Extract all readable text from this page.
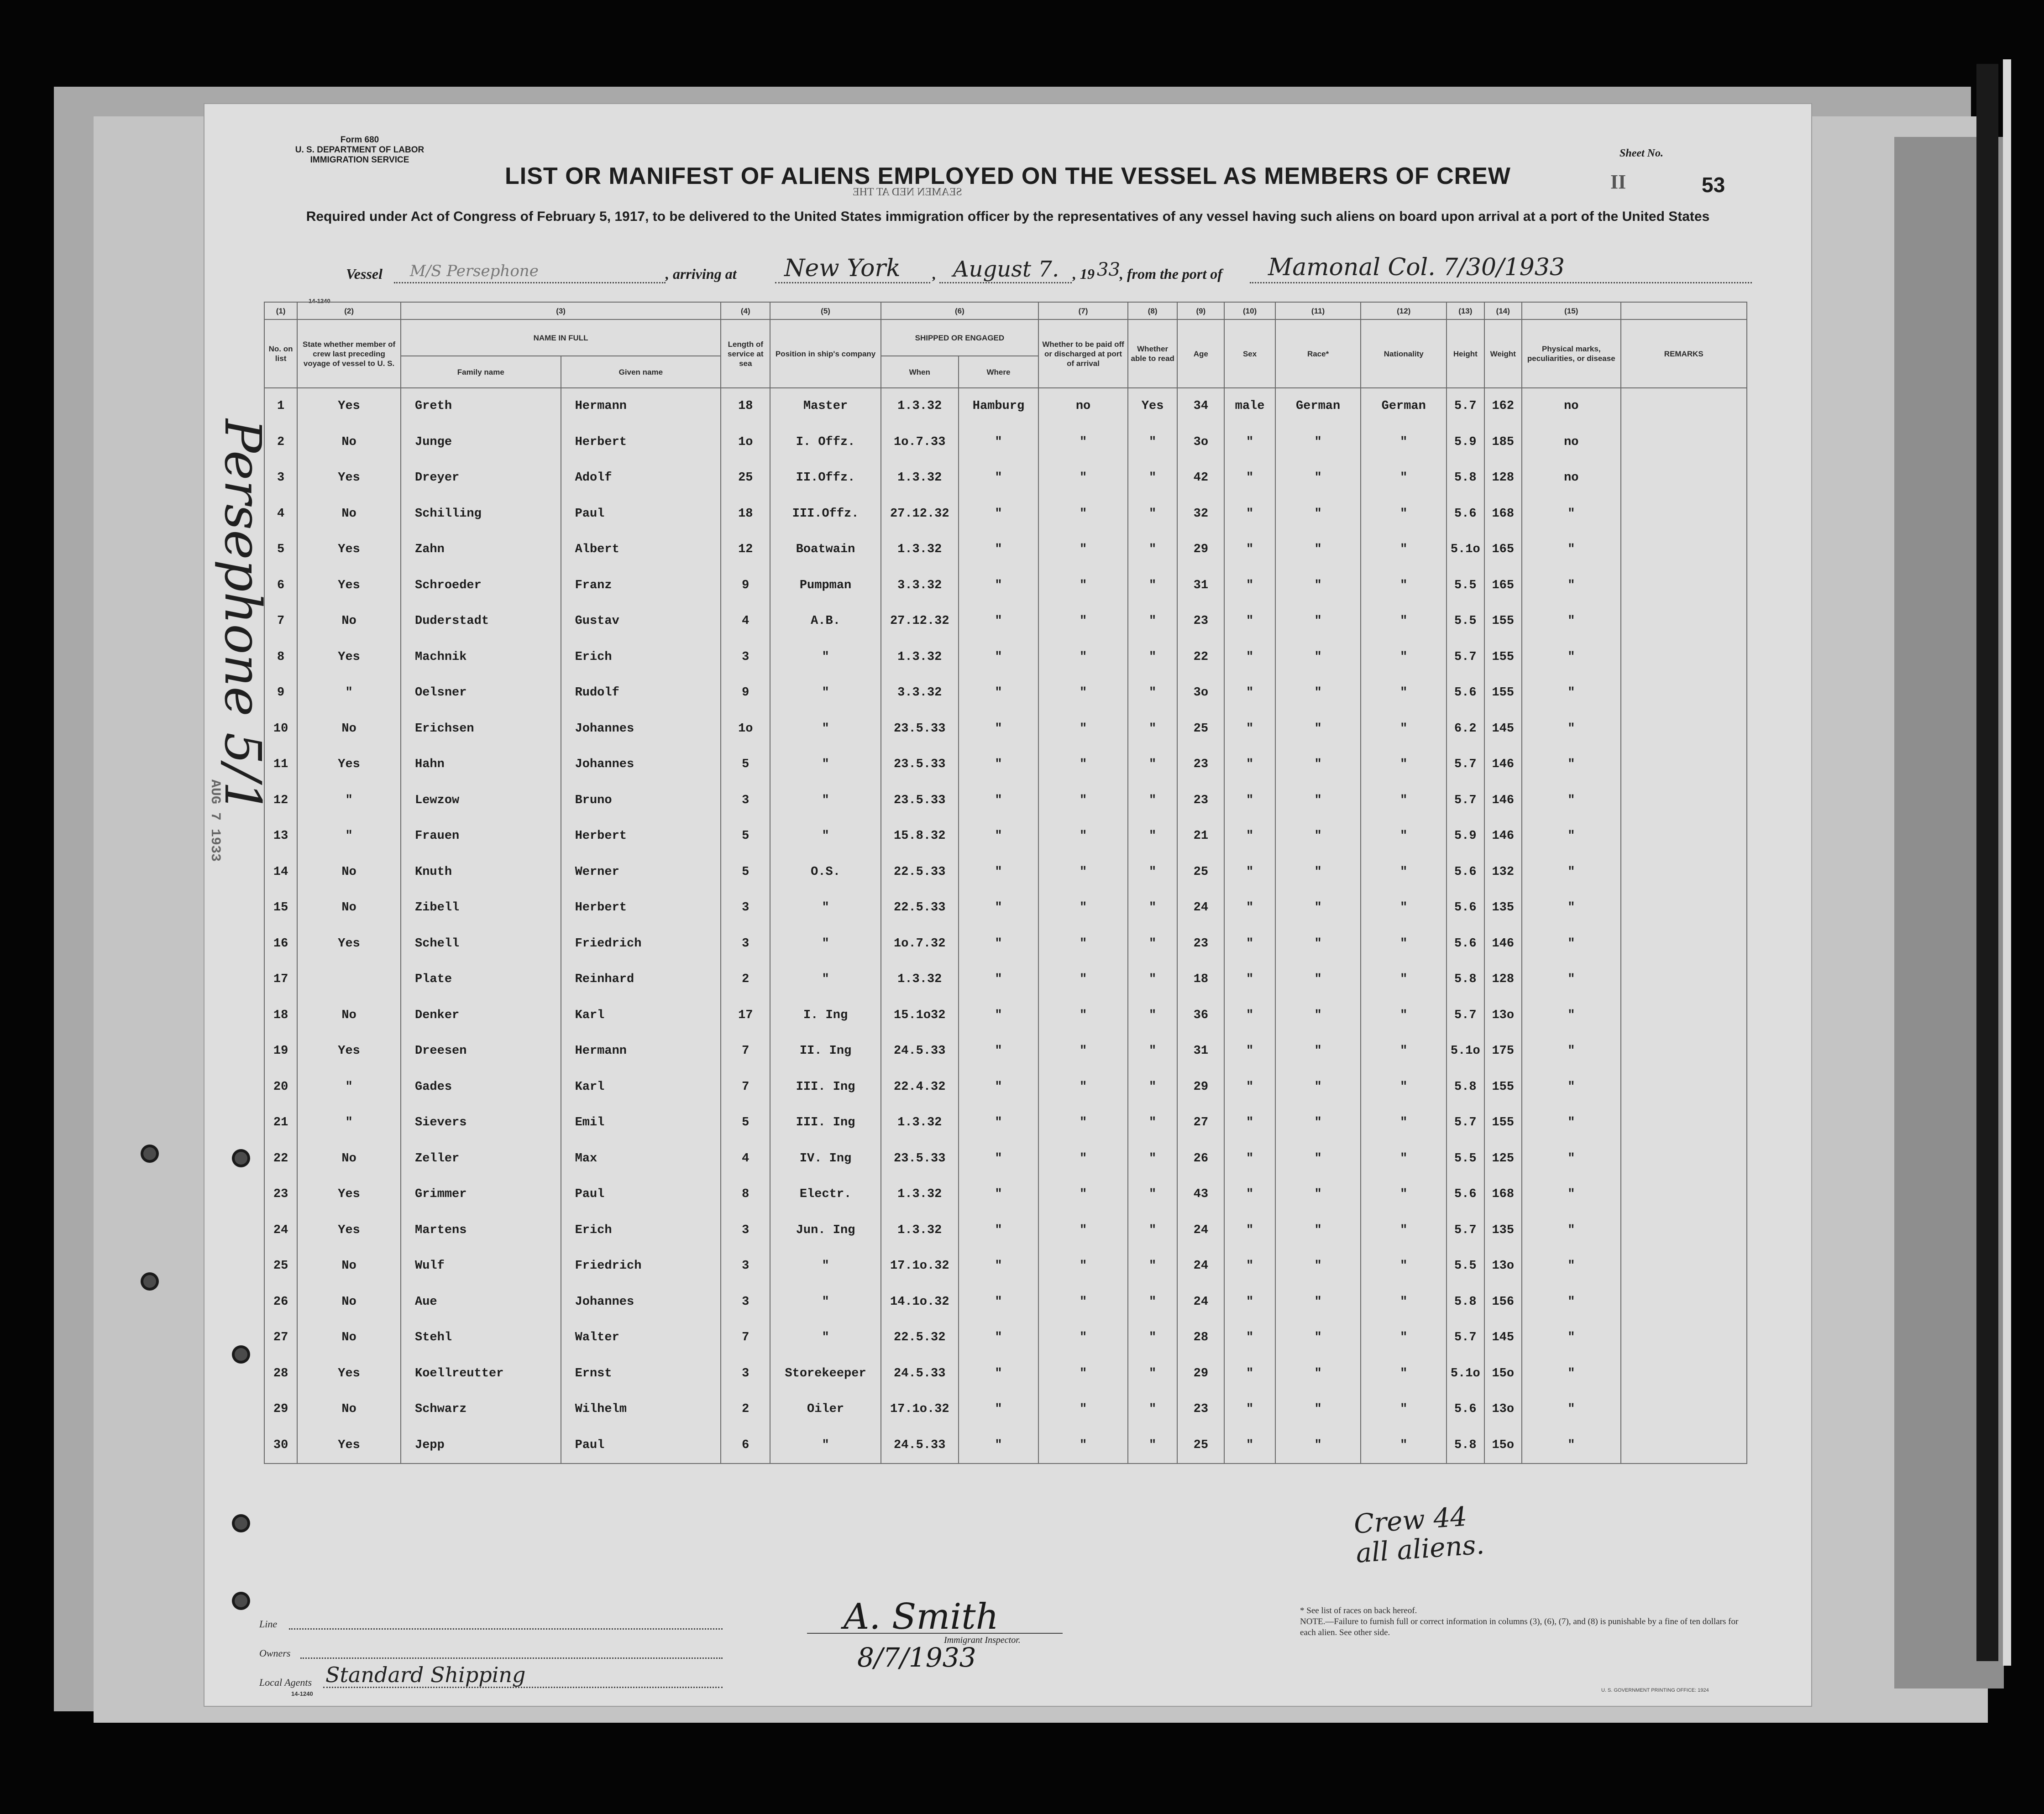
Form 680
U. S. DEPARTMENT OF LABOR
IMMIGRATION SERVICE
Sheet No.
II	53
LIST OR MANIFEST OF ALIENS EMPLOYED ON THE VESSEL AS MEMBERS OF CREW
SEAMEN NED AT THE
Required under Act of Congress of February 5, 1917, to be delivered to the United States immigration officer by the representatives of any vessel having such aliens on board upon arrival at a port of the United States
Vessel M/S Persephone	, arriving at New York , August 7. , 19 33 , from the port of Mamonal Col. 7/30/1933
14-1240
(1)	(2)	(3)		(4)	(5)	(6)		(7)	(8)	(9)	(10)	(11)	(12)	(13)	(14)	(15)	
No. on list	State whether member of crew last preceding voyage of vessel to U. S.	NAME IN FULL		Length of service at sea	Position in ship's company	SHIPPED OR ENGAGED		Whether to be paid off or discharged at port of arrival	Whether able to read	Age	Sex	Race*	Nationality	Height	Weight	Physical marks, peculiarities, or disease	REMARKS
		Family name	Given name			When	Where										
1	Yes	Greth	Hermann	18	Master	1.3.32	Hamburg	no	Yes	34	male	German	German	5.7	162	no	
2	No	Junge	Herbert	1o	I. Offz.	1o.7.33	"	"	"	3o	"	"	"	5.9	185	no	
3	Yes	Dreyer	Adolf	25	II.Offz.	1.3.32	"	"	"	42	"	"	"	5.8	128	no	
4	No	Schilling	Paul	18	III.Offz.	27.12.32	"	"	"	32	"	"	"	5.6	168	"	
5	Yes	Zahn	Albert	12	Boatwain	1.3.32	"	"	"	29	"	"	"	5.1o	165	"	
6	Yes	Schroeder	Franz	9	Pumpman	3.3.32	"	"	"	31	"	"	"	5.5	165	"	
7	No	Duderstadt	Gustav	4	A.B.	27.12.32	"	"	"	23	"	"	"	5.5	155	"	
8	Yes	Machnik	Erich	3	"	1.3.32	"	"	"	22	"	"	"	5.7	155	"	
9	"	Oelsner	Rudolf	9	"	3.3.32	"	"	"	3o	"	"	"	5.6	155	"	
10	No	Erichsen	Johannes	1o	"	23.5.33	"	"	"	25	"	"	"	6.2	145	"	
11	Yes	Hahn	Johannes	5	"	23.5.33	"	"	"	23	"	"	"	5.7	146	"	
12	"	Lewzow	Bruno	3	"	23.5.33	"	"	"	23	"	"	"	5.7	146	"	
13	"	Frauen	Herbert	5	"	15.8.32	"	"	"	21	"	"	"	5.9	146	"	
14	No	Knuth	Werner	5	O.S.	22.5.33	"	"	"	25	"	"	"	5.6	132	"	
15	No	Zibell	Herbert	3	"	22.5.33	"	"	"	24	"	"	"	5.6	135	"	
16	Yes	Schell	Friedrich	3	"	1o.7.32	"	"	"	23	"	"	"	5.6	146	"	
17		Plate	Reinhard	2	"	1.3.32	"	"	"	18	"	"	"	5.8	128	"	
18	No	Denker	Karl	17	I. Ing	15.1o32	"	"	"	36	"	"	"	5.7	13o	"	
19	Yes	Dreesen	Hermann	7	II. Ing	24.5.33	"	"	"	31	"	"	"	5.1o	175	"	
20	"	Gades	Karl	7	III. Ing	22.4.32	"	"	"	29	"	"	"	5.8	155	"	
21	"	Sievers	Emil	5	III. Ing	1.3.32	"	"	"	27	"	"	"	5.7	155	"	
22	No	Zeller	Max	4	IV. Ing	23.5.33	"	"	"	26	"	"	"	5.5	125	"	
23	Yes	Grimmer	Paul	8	Electr.	1.3.32	"	"	"	43	"	"	"	5.6	168	"	
24	Yes	Martens	Erich	3	Jun. Ing	1.3.32	"	"	"	24	"	"	"	5.7	135	"	
25	No	Wulf	Friedrich	3	"	17.1o.32	"	"	"	24	"	"	"	5.5	13o	"	
26	No	Aue	Johannes	3	"	14.1o.32	"	"	"	24	"	"	"	5.8	156	"	
27	No	Stehl	Walter	7	"	22.5.32	"	"	"	28	"	"	"	5.7	145	"	
28	Yes	Koellreutter	Ernst	3	Storekeeper	24.5.33	"	"	"	29	"	"	"	5.1o	15o	"	
29	No	Schwarz	Wilhelm	2	Oiler	17.1o.32	"	"	"	23	"	"	"	5.6	13o	"	
30	Yes	Jepp	Paul	6	"	24.5.33	"	"	"	25	"	"	"	5.8	15o	"	
Crew 44
all aliens.
Line
Owners
Local Agents Standard Shipping
14-1240
A. Smith
Immigrant Inspector.
8/7/1933
* See list of races on back hereof.
NOTE.—Failure to furnish full or correct information in columns (3), (6), (7), and (8) is punishable by a fine of ten dollars for each alien. See other side.
U. S. GOVERNMENT PRINTING OFFICE: 1924
Persephone 5/1
AUG 7 1933
